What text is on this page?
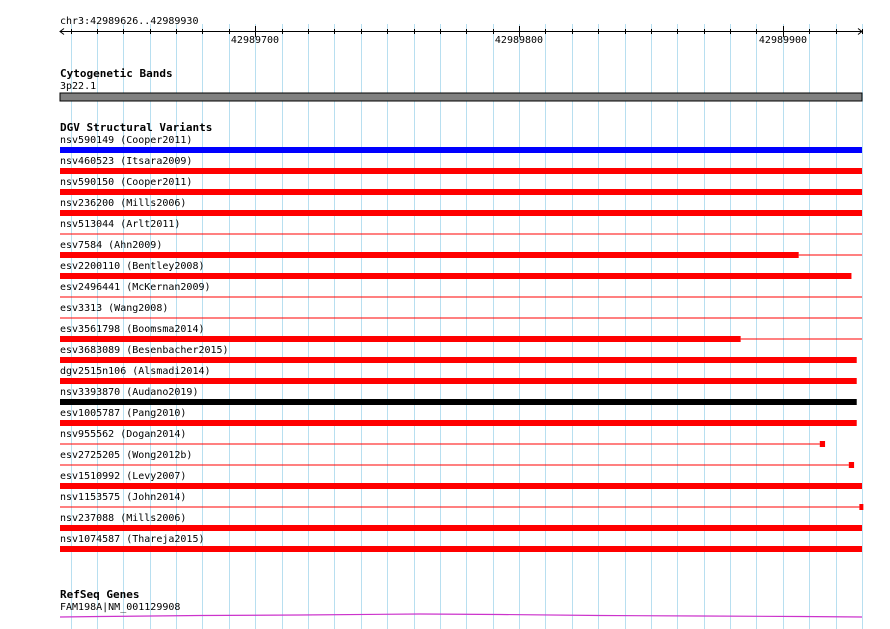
chr3:42989626..42989930
42989700	42989800	42989900
Cytogenetic Bands
3p22.1
DGV Structural Variants
nsv590149 (Cooper2011)
nsv460523 (Itsara2009)
nsv590150 (Cooper2011)
nsv236200 (Mills2006)
nsv513044 (Arlt2011)
esv7584 (Ahn2009)
esv2200110 (Bentley2008)
esv2496441 (McKernan2009)
esv3313 (Wang2008)
esv3561798 (Boomsma2014)
esv3683089 (Besenbacher2015)
dgv2515n106 (Alsmadi2014)
nsv3393870 (Audano2019)
esv1005787 (Pang2010)
nsv955562 (Dogan2014)
esv2725205 (Wong2012b)
esv1510992 (Levy2007)
nsv1153575 (John2014)
nsv237088 (Mills2006)
nsv1074587 (Thareja2015)
RefSeq Genes
FAM198A|NM_001129908
